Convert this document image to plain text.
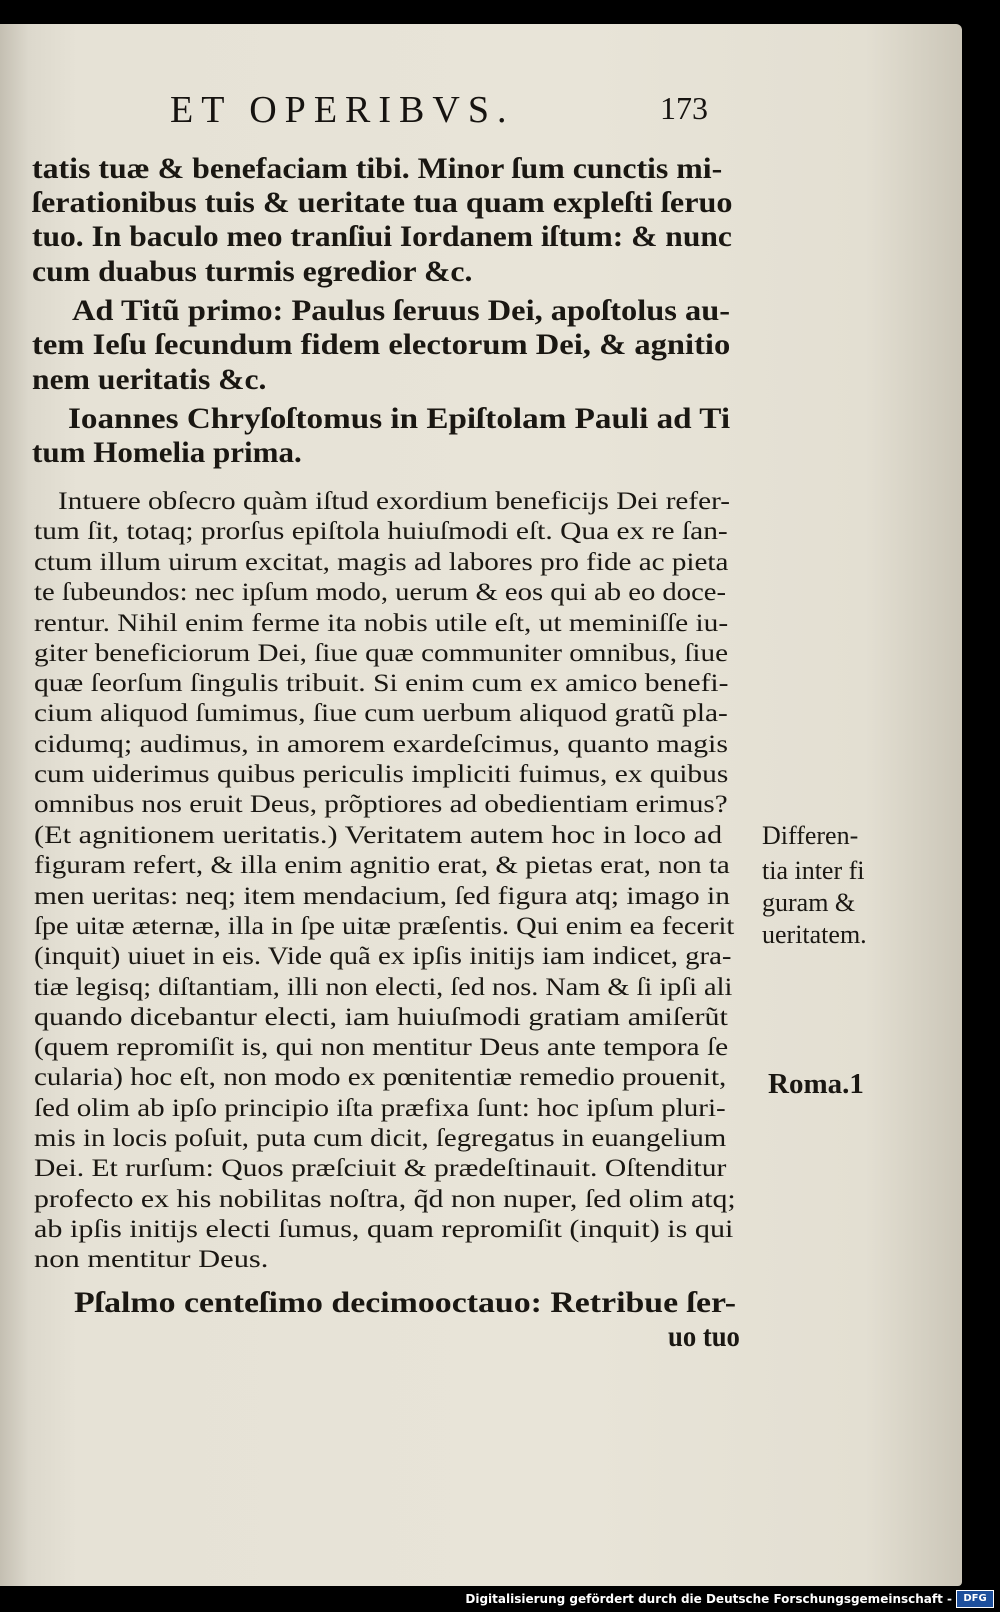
ET OPERIBVS.	173
tatis tuæ & benefaciam tibi. Minor ſum cunctis mi-
ſerationibus tuis & ueritate tua quam expleſti ſeruo
tuo. In baculo meo tranſiui Iordanem iſtum: & nunc
cum duabus turmis egredior &c.
Ad Titũ primo: Paulus ſeruus Dei, apoſtolus au-
tem Ieſu ſecundum fidem electorum Dei, & agnitio
nem ueritatis &c.
Ioannes Chryſoſtomus in Epiſtolam Pauli ad Ti
tum Homelia prima.
Intuere obſecro quàm iſtud exordium beneficijs Dei refer-
tum ſit, totaq; prorſus epiſtola huiuſmodi eſt. Qua ex re ſan-
ctum illum uirum excitat, magis ad labores pro fide ac pieta
te ſubeundos: nec ipſum modo, uerum & eos qui ab eo doce-
rentur. Nihil enim ferme ita nobis utile eſt, ut meminiſſe iu-
giter beneficiorum Dei, ſiue quæ communiter omnibus, ſiue
quæ ſeorſum ſingulis tribuit. Si enim cum ex amico benefi-
cium aliquod ſumimus, ſiue cum uerbum aliquod gratũ pla-
cidumq; audimus, in amorem exardeſcimus, quanto magis
cum uiderimus quibus periculis impliciti fuimus, ex quibus
omnibus nos eruit Deus, prõptiores ad obedientiam erimus?
(Et agnitionem ueritatis.) Veritatem autem hoc in loco ad
figuram refert, & illa enim agnitio erat, & pietas erat, non ta
men ueritas: neq; item mendacium, ſed figura atq; imago in
ſpe uitæ æternæ, illa in ſpe uitæ præſentis. Qui enim ea fecerit
(inquit) uiuet in eis. Vide quã ex ipſis initijs iam indicet, gra-
tiæ legisq; diſtantiam, illi non electi, ſed nos. Nam & ſi ipſi ali
quando dicebantur electi, iam huiuſmodi gratiam amiſerũt
(quem repromiſit is, qui non mentitur Deus ante tempora ſe
cularia) hoc eſt, non modo ex pœnitentiæ remedio prouenit,
ſed olim ab ipſo principio iſta præfixa ſunt: hoc ipſum pluri-
mis in locis poſuit, puta cum dicit, ſegregatus in euangelium
Dei. Et rurſum: Quos præſciuit & prædeſtinauit. Oſtenditur
profecto ex his nobilitas noſtra, q̃d non nuper, ſed olim atq;
ab ipſis initijs electi ſumus, quam repromiſit (inquit) is qui
non mentitur Deus.
Pſalmo centeſimo decimooctauo: Retribue ſer-
uo tuo
Differen-
tia inter fi
guram &
ueritatem.
Roma.1
Digitalisierung gefördert durch die Deutsche Forschungsgemeinschaft -	DFG
